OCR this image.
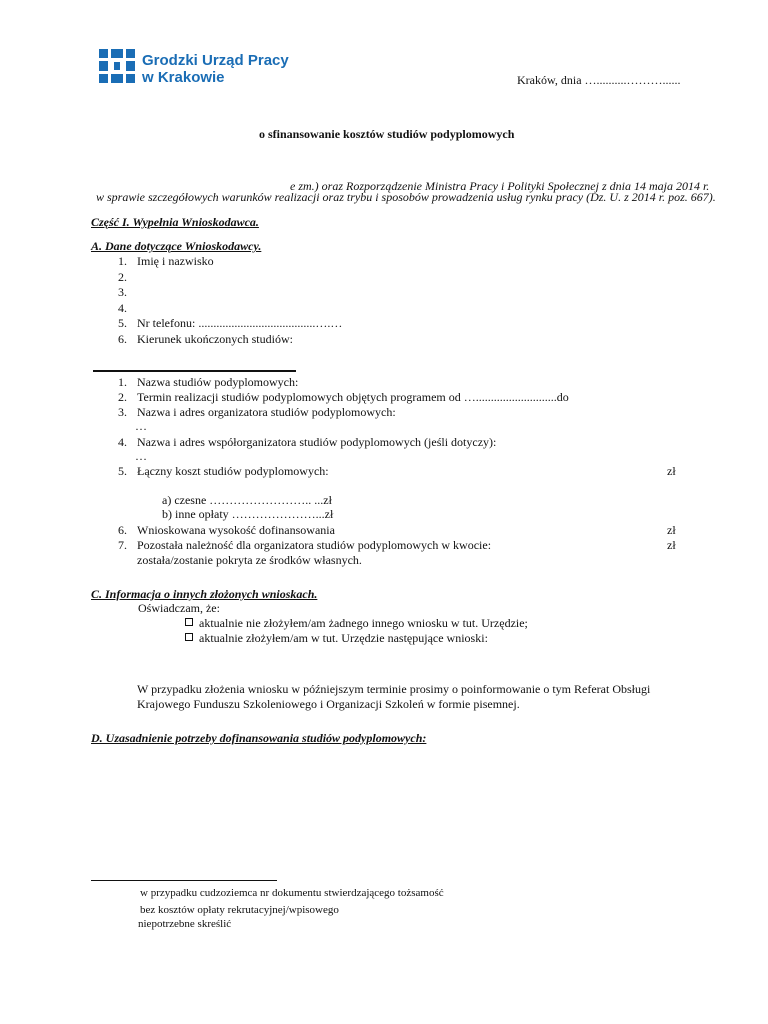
Grodzki Urząd Pracy
w Krakowie	Kraków, dnia …..........………......
o sfinansowanie kosztów studiów podyplomowych
e zm.) oraz Rozporządzenie Ministra Pracy i Polityki Społecznej z dnia 14 maja 2014 r.
w sprawie szczegółowych warunków realizacji oraz trybu i sposobów prowadzenia usług rynku pracy (Dz. U. z 2014 r. poz. 667).
Część I. Wypełnia Wnioskodawca.
A. Dane dotyczące Wnioskodawcy.
1. Imię i nazwisko
2.
3.
4.
5. Nr telefonu: .......................................….…
6. Kierunek ukończonych studiów:
1. Nazwa studiów podyplomowych:
2. Termin realizacji studiów podyplomowych objętych programem od …...........................do
3. Nazwa i adres organizatora studiów podyplomowych:
…
4. Nazwa i adres współorganizatora studiów podyplomowych (jeśli dotyczy):
…
5. Łączny koszt studiów podyplomowych:	zł
a) czesne …………………….. ...zł
b) inne opłaty …………………...zł
6. Wnioskowana wysokość dofinansowania	zł
7. Pozostała należność dla organizatora studiów podyplomowych w kwocie:	zł
została/zostanie pokryta ze środków własnych.
C. Informacja o innych złożonych wnioskach.
Oświadczam, że:
aktualnie nie złożyłem/am żadnego innego wniosku w tut. Urzędzie;
aktualnie złożyłem/am w tut. Urzędzie następujące wnioski:
W przypadku złożenia wniosku w późniejszym terminie prosimy o poinformowanie o tym Referat Obsługi
Krajowego Funduszu Szkoleniowego i Organizacji Szkoleń w formie pisemnej.
D. Uzasadnienie potrzeby dofinansowania studiów podyplomowych:
w przypadku cudzoziemca nr dokumentu stwierdzającego tożsamość
bez kosztów opłaty rekrutacyjnej/wpisowego
niepotrzebne skreślić
